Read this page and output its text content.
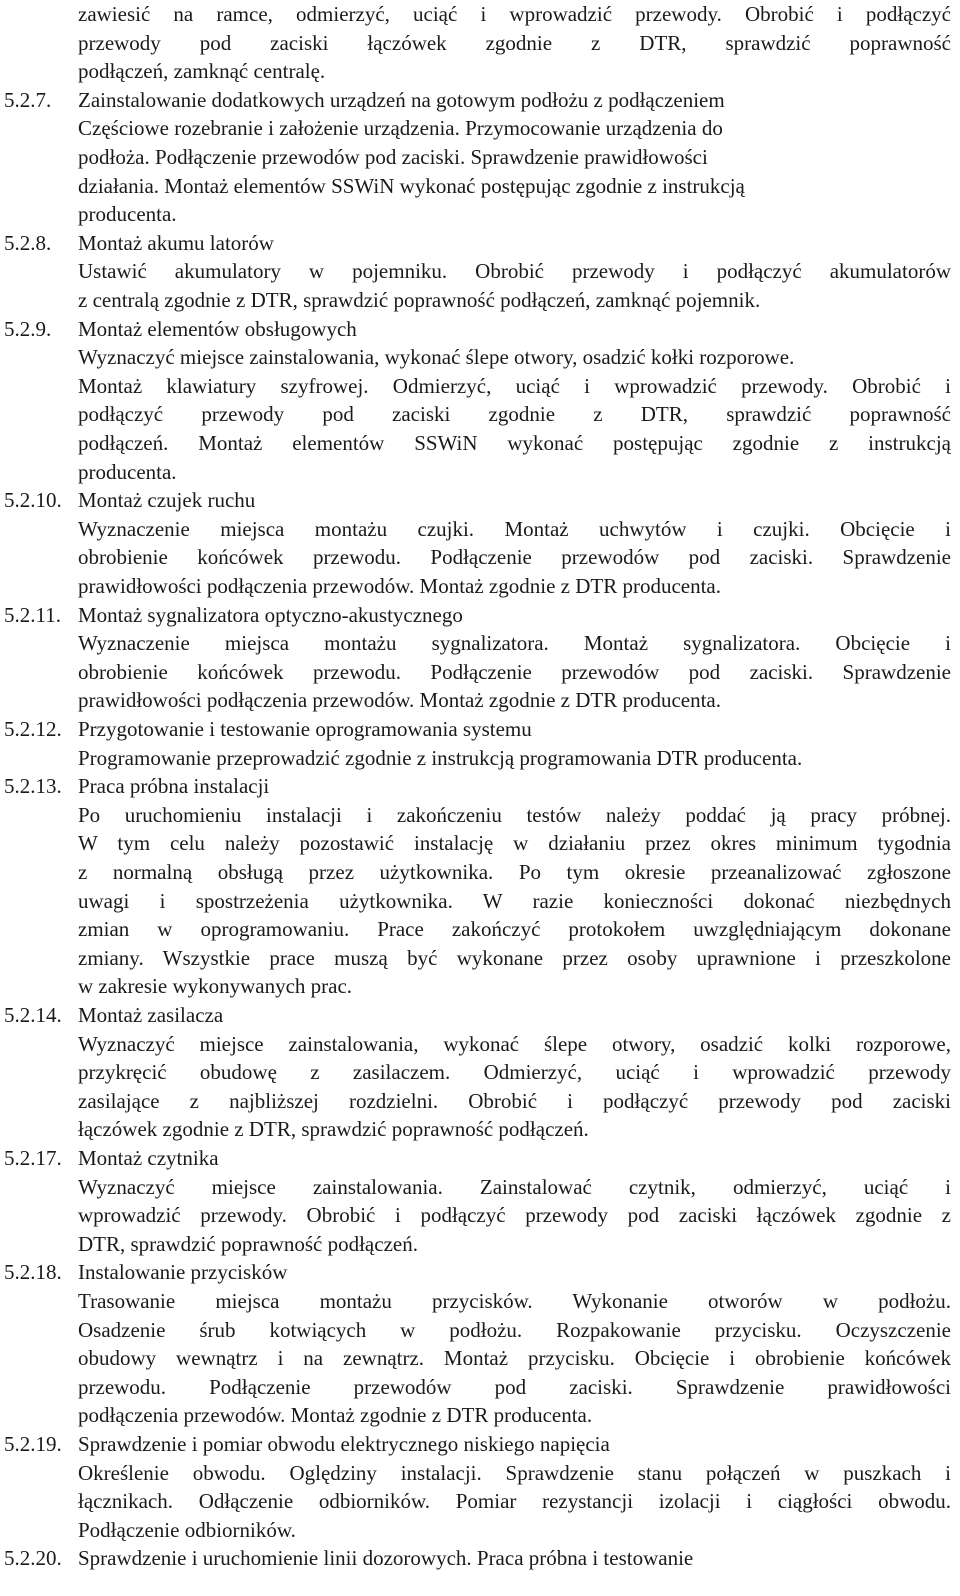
zawiesić na ramce, odmierzyć, uciąć i wprowadzić przewody. Obrobić i podłączyć
przewody pod zaciski łączówek zgodnie z DTR, sprawdzić poprawność
podłączeń, zamknąć centralę.
5.2.7. Zainstalowanie dodatkowych urządzeń na gotowym podłożu z podłączeniem
Częściowe rozebranie i założenie urządzenia. Przymocowanie urządzenia do
podłoża. Podłączenie przewodów pod zaciski. Sprawdzenie prawidłowości
działania. Montaż elementów SSWiN wykonać postępując zgodnie z instrukcją
producenta.
5.2.8. Montaż akumu latorów
Ustawić akumulatory w pojemniku. Obrobić przewody i podłączyć akumulatorów
z centralą zgodnie z DTR, sprawdzić poprawność podłączeń, zamknąć pojemnik.
5.2.9. Montaż elementów obsługowych
Wyznaczyć miejsce zainstalowania, wykonać ślepe otwory, osadzić kołki rozporowe.
Montaż klawiatury szyfrowej. Odmierzyć, uciąć i wprowadzić przewody. Obrobić i
podłączyć przewody pod zaciski zgodnie z DTR, sprawdzić poprawność
podłączeń. Montaż elementów SSWiN wykonać postępując zgodnie z instrukcją
producenta.
5.2.10. Montaż czujek ruchu
Wyznaczenie miejsca montażu czujki. Montaż uchwytów i czujki. Obcięcie i
obrobienie końcówek przewodu. Podłączenie przewodów pod zaciski. Sprawdzenie
prawidłowości podłączenia przewodów. Montaż zgodnie z DTR producenta.
5.2.11. Montaż sygnalizatora optyczno-akustycznego
Wyznaczenie miejsca montażu sygnalizatora. Montaż sygnalizatora. Obcięcie i
obrobienie końcówek przewodu. Podłączenie przewodów pod zaciski. Sprawdzenie
prawidłowości podłączenia przewodów. Montaż zgodnie z DTR producenta.
5.2.12. Przygotowanie i testowanie oprogramowania systemu
Programowanie przeprowadzić zgodnie z instrukcją programowania DTR producenta.
5.2.13. Praca próbna instalacji
Po uruchomieniu instalacji i zakończeniu testów należy poddać ją pracy próbnej.
W tym celu należy pozostawić instalację w działaniu przez okres minimum tygodnia
z normalną obsługą przez użytkownika. Po tym okresie przeanalizować zgłoszone
uwagi i spostrzeżenia użytkownika. W razie konieczności dokonać niezbędnych
zmian w oprogramowaniu. Prace zakończyć protokołem uwzględniającym dokonane
zmiany. Wszystkie prace muszą być wykonane przez osoby uprawnione i przeszkolone
w zakresie wykonywanych prac.
5.2.14. Montaż zasilacza
Wyznaczyć miejsce zainstalowania, wykonać ślepe otwory, osadzić kolki rozporowe,
przykręcić obudowę z zasilaczem. Odmierzyć, uciąć i wprowadzić przewody
zasilające z najbliższej rozdzielni. Obrobić i podłączyć przewody pod zaciski
łączówek zgodnie z DTR, sprawdzić poprawność podłączeń.
5.2.17. Montaż czytnika
Wyznaczyć miejsce zainstalowania. Zainstalować czytnik, odmierzyć, uciąć i
wprowadzić przewody. Obrobić i podłączyć przewody pod zaciski łączówek zgodnie z
DTR, sprawdzić poprawność podłączeń.
5.2.18. Instalowanie przycisków
Trasowanie miejsca montażu przycisków. Wykonanie otworów w podłożu.
Osadzenie śrub kotwiących w podłożu. Rozpakowanie przycisku. Oczyszczenie
obudowy wewnątrz i na zewnątrz. Montaż przycisku. Obcięcie i obrobienie końcówek
przewodu. Podłączenie przewodów pod zaciski. Sprawdzenie prawidłowości
podłączenia przewodów. Montaż zgodnie z DTR producenta.
5.2.19. Sprawdzenie i pomiar obwodu elektrycznego niskiego napięcia
Określenie obwodu. Oględziny instalacji. Sprawdzenie stanu połączeń w puszkach i
łącznikach. Odłączenie odbiorników. Pomiar rezystancji izolacji i ciągłości obwodu.
Podłączenie odbiorników.
5.2.20. Sprawdzenie i uruchomienie linii dozorowych. Praca próbna i testowanie
